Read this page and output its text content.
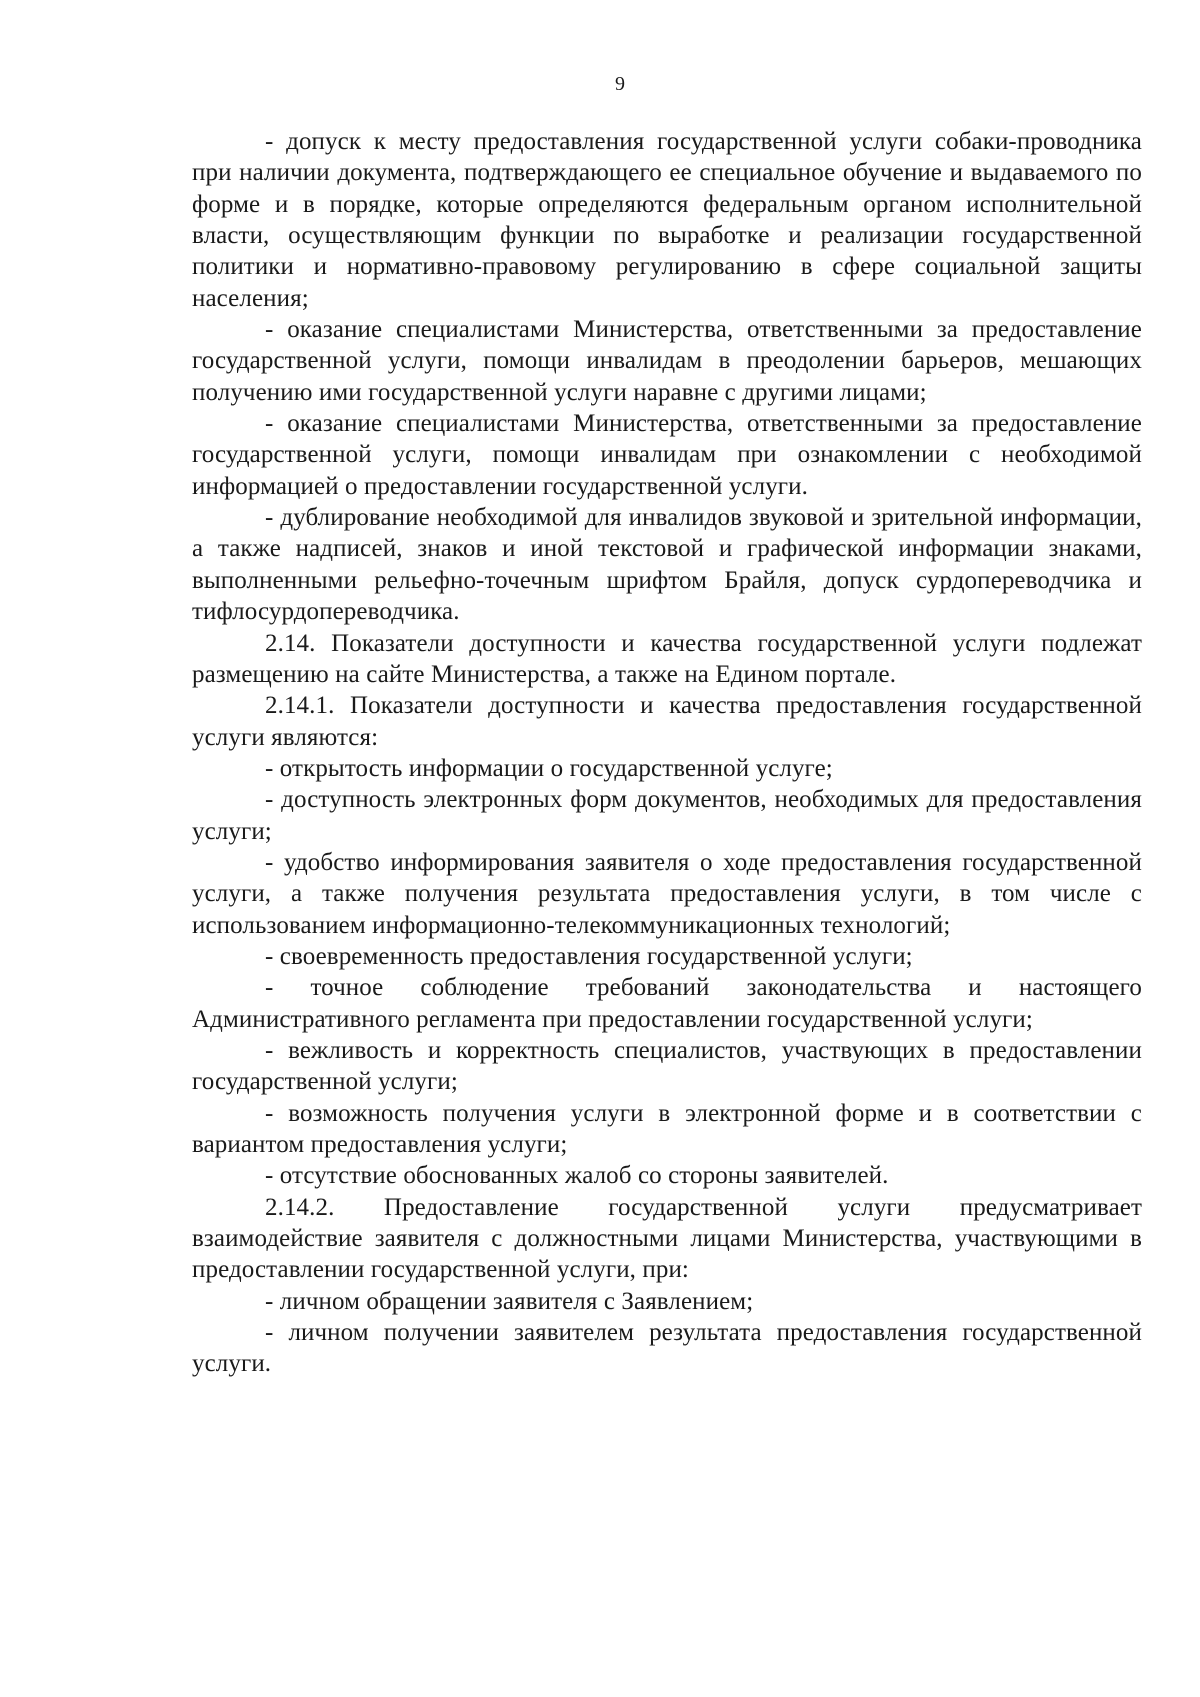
9

- допуск к месту предоставления государственной услуги собаки-проводника при наличии документа, подтверждающего ее специальное обучение и выдаваемого по форме и в порядке, которые определяются федеральным органом исполнительной власти, осуществляющим функции по выработке и реализации государственной политики и нормативно-правовому регулированию в сфере социальной защиты населения;

- оказание специалистами Министерства, ответственными за предоставление государственной услуги, помощи инвалидам в преодолении барьеров, мешающих получению ими государственной услуги наравне с другими лицами;

- оказание специалистами Министерства, ответственными за предоставление государственной услуги, помощи инвалидам при ознакомлении с необходимой информацией о предоставлении государственной услуги.

- дублирование необходимой для инвалидов звуковой и зрительной информации, а также надписей, знаков и иной текстовой и графической информации знаками, выполненными рельефно-точечным шрифтом Брайля, допуск сурдопереводчика и тифлосурдопереводчика.

2.14. Показатели доступности и качества государственной услуги подлежат размещению на сайте Министерства, а также на Едином портале.

2.14.1. Показатели доступности и качества предоставления государственной услуги являются:

- открытость информации о государственной услуге;

- доступность электронных форм документов, необходимых для предоставления услуги;

- удобство информирования заявителя о ходе предоставления государственной услуги, а также получения результата предоставления услуги, в том числе с использованием информационно-телекоммуникационных технологий;

- своевременность предоставления государственной услуги;

- точное соблюдение требований законодательства и настоящего Административного регламента при предоставлении государственной услуги;

- вежливость и корректность специалистов, участвующих в предоставлении государственной услуги;

- возможность получения услуги в электронной форме и в соответствии с вариантом предоставления услуги;

- отсутствие обоснованных жалоб со стороны заявителей.

2.14.2. Предоставление государственной услуги предусматривает взаимодействие заявителя с должностными лицами Министерства, участвующими в предоставлении государственной услуги, при:

- личном обращении заявителя с Заявлением;

- личном получении заявителем результата предоставления государственной услуги.
